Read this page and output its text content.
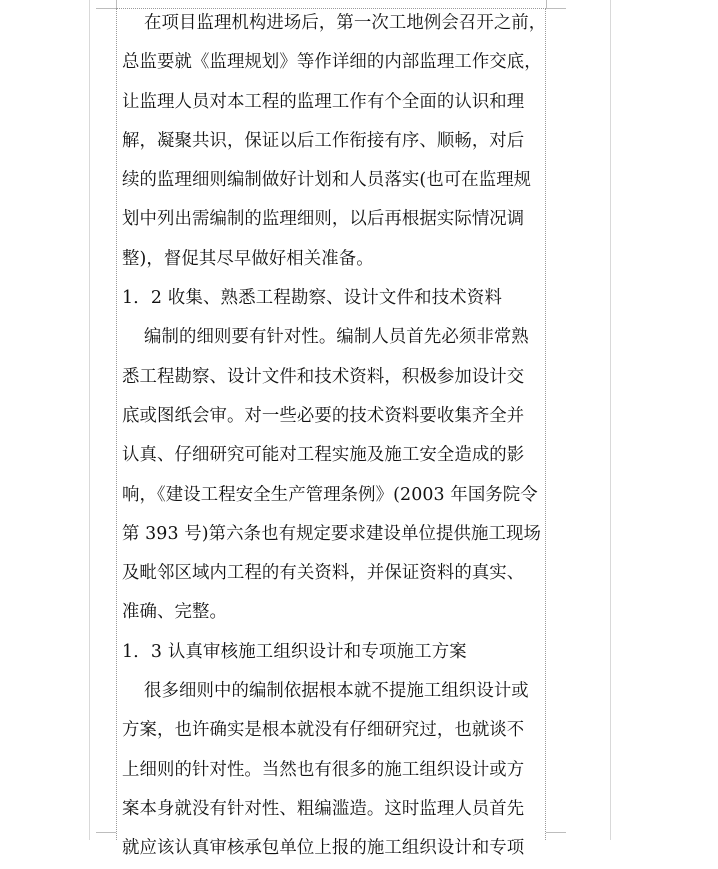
在项目监理机构进场后，第一次工地例会召开之前，
总监要就《监理规划》等作详细的内部监理工作交底，
让监理人员对本工程的监理工作有个全面的认识和理
解，凝聚共识，保证以后工作衔接有序、顺畅，对后
续的监理细则编制做好计划和人员落实(也可在监理规
划中列出需编制的监理细则，以后再根据实际情况调
整)，督促其尽早做好相关准备。
1．2 收集、熟悉工程勘察、设计文件和技术资料
编制的细则要有针对性。编制人员首先必须非常熟
悉工程勘察、设计文件和技术资料，积极参加设计交
底或图纸会审。对一些必要的技术资料要收集齐全并
认真、仔细研究可能对工程实施及施工安全造成的影
响，《建设工程安全生产管理条例》(2003 年国务院令
第 393 号)第六条也有规定要求建设单位提供施工现场
及毗邻区域内工程的有关资料，并保证资料的真实、
准确、完整。
1．3 认真审核施工组织设计和专项施工方案
很多细则中的编制依据根本就不提施工组织设计或
方案，也许确实是根本就没有仔细研究过，也就谈不
上细则的针对性。当然也有很多的施工组织设计或方
案本身就没有针对性、粗编滥造。这时监理人员首先
就应该认真审核承包单位上报的施工组织设计和专项
